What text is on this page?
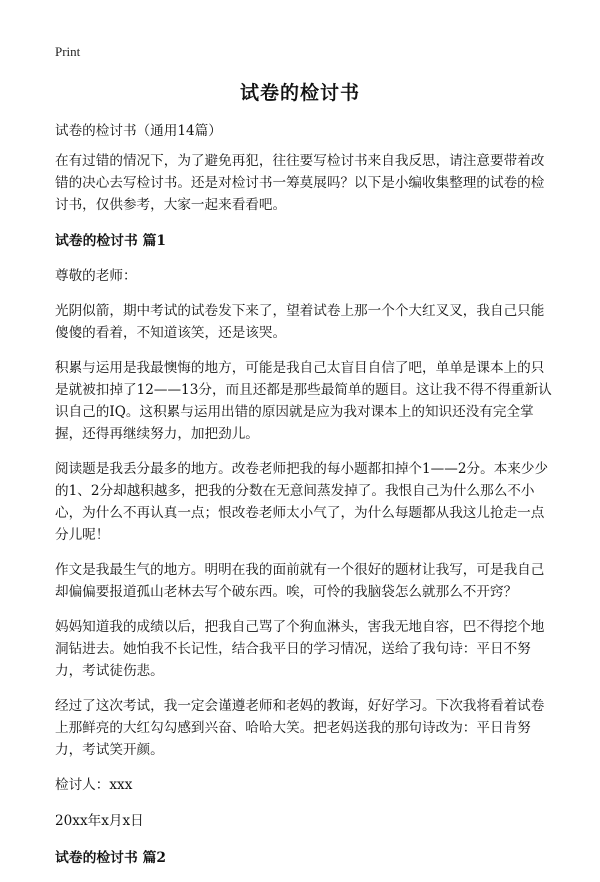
Print
试卷的检讨书

试卷的检讨书（通用14篇）

在有过错的情况下，为了避免再犯，往往要写检讨书来自我反思，请注意要带着改错的决心去写检讨书。还是对检讨书一筹莫展吗？以下是小编收集整理的试卷的检讨书，仅供参考，大家一起来看看吧。

试卷的检讨书 篇1

尊敬的老师：

光阴似箭，期中考试的试卷发下来了，望着试卷上那一个个大红叉叉，我自己只能傻傻的看着，不知道该笑，还是该哭。

积累与运用是我最懊悔的地方，可能是我自己太盲目自信了吧，单单是课本上的只是就被扣掉了12——13分，而且还都是那些最简单的题目。这让我不得不得重新认识自己的IQ。这积累与运用出错的原因就是应为我对课本上的知识还没有完全掌握，还得再继续努力，加把劲儿。

阅读题是我丢分最多的地方。改卷老师把我的每小题都扣掉个1——2分。本来少少的1、2分却越积越多，把我的分数在无意间蒸发掉了。我恨自己为什么那么不小心，为什么不再认真一点；恨改卷老师太小气了，为什么每题都从我这儿抢走一点分儿呢！

作文是我最生气的地方。明明在我的面前就有一个很好的题材让我写，可是我自己却偏偏要报道孤山老林去写个破东西。唉，可怜的我脑袋怎么就那么不开窍？

妈妈知道我的成绩以后，把我自己骂了个狗血淋头，害我无地自容，巴不得挖个地洞钻进去。她怕我不长记性，结合我平日的学习情况，送给了我句诗：平日不努力，考试徒伤悲。

经过了这次考试，我一定会谨遵老师和老妈的教诲，好好学习。下次我将看着试卷上那鲜亮的大红勾勾感到兴奋、哈哈大笑。把老妈送我的那句诗改为：平日肯努力，考试笑开颜。

检讨人：xxx

20xx年x月x日

试卷的检讨书 篇2
